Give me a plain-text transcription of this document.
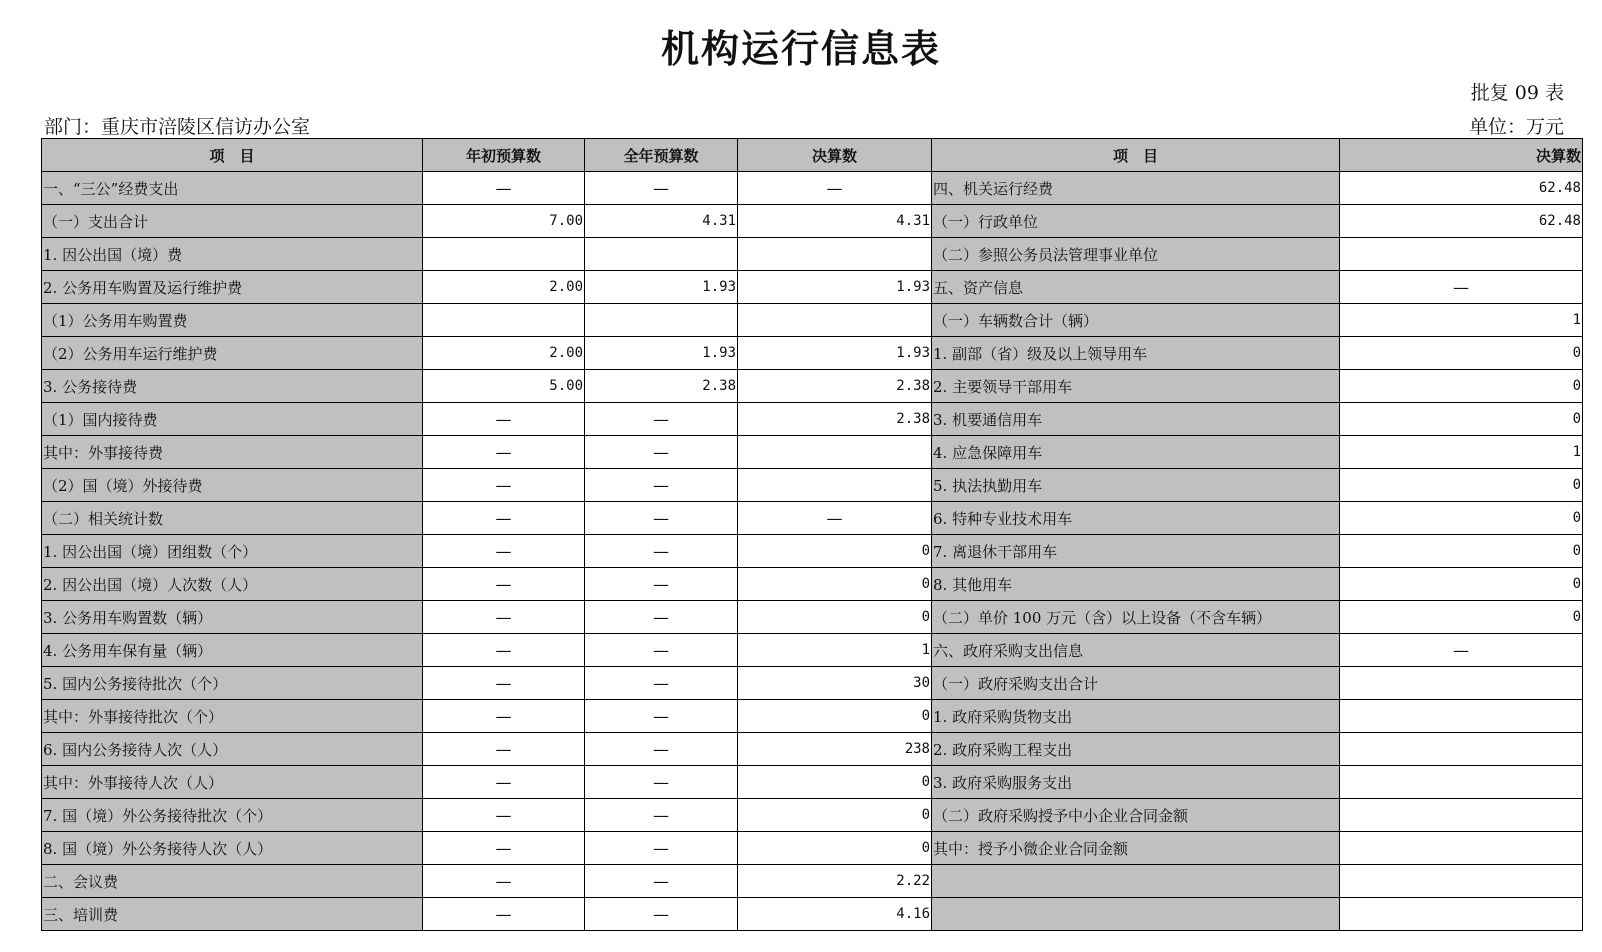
机构运行信息表
批复 09 表
部门：重庆市涪陵区信访办公室	单位：万元
项　目	年初预算数	全年预算数	决算数	项　目	决算数
一、“三公”经费支出	—	—	—	四、机关运行经费	62.48
（一）支出合计	7.00	4.31	4.31	（一）行政单位	62.48
1. 因公出国（境）费				（二）参照公务员法管理事业单位	
2. 公务用车购置及运行维护费	2.00	1.93	1.93	五、资产信息	—
（1）公务用车购置费				（一）车辆数合计（辆）	1
（2）公务用车运行维护费	2.00	1.93	1.93	1. 副部（省）级及以上领导用车	0
3. 公务接待费	5.00	2.38	2.38	2. 主要领导干部用车	0
（1）国内接待费	—	—	2.38	3. 机要通信用车	0
其中：外事接待费	—	—		4. 应急保障用车	1
（2）国（境）外接待费	—	—		5. 执法执勤用车	0
（二）相关统计数	—	—	—	6. 特种专业技术用车	0
1. 因公出国（境）团组数（个）	—	—	0	7. 离退休干部用车	0
2. 因公出国（境）人次数（人）	—	—	0	8. 其他用车	0
3. 公务用车购置数（辆）	—	—	0	（二）单价 100 万元（含）以上设备（不含车辆）	0
4. 公务用车保有量（辆）	—	—	1	六、政府采购支出信息	—
5. 国内公务接待批次（个）	—	—	30	（一）政府采购支出合计	
其中：外事接待批次（个）	—	—	0	1. 政府采购货物支出	
6. 国内公务接待人次（人）	—	—	238	2. 政府采购工程支出	
其中：外事接待人次（人）	—	—	0	3. 政府采购服务支出	
7. 国（境）外公务接待批次（个）	—	—	0	（二）政府采购授予中小企业合同金额	
8. 国（境）外公务接待人次（人）	—	—	0	其中：授予小微企业合同金额	
二、会议费	—	—	2.22		
三、培训费	—	—	4.16		
